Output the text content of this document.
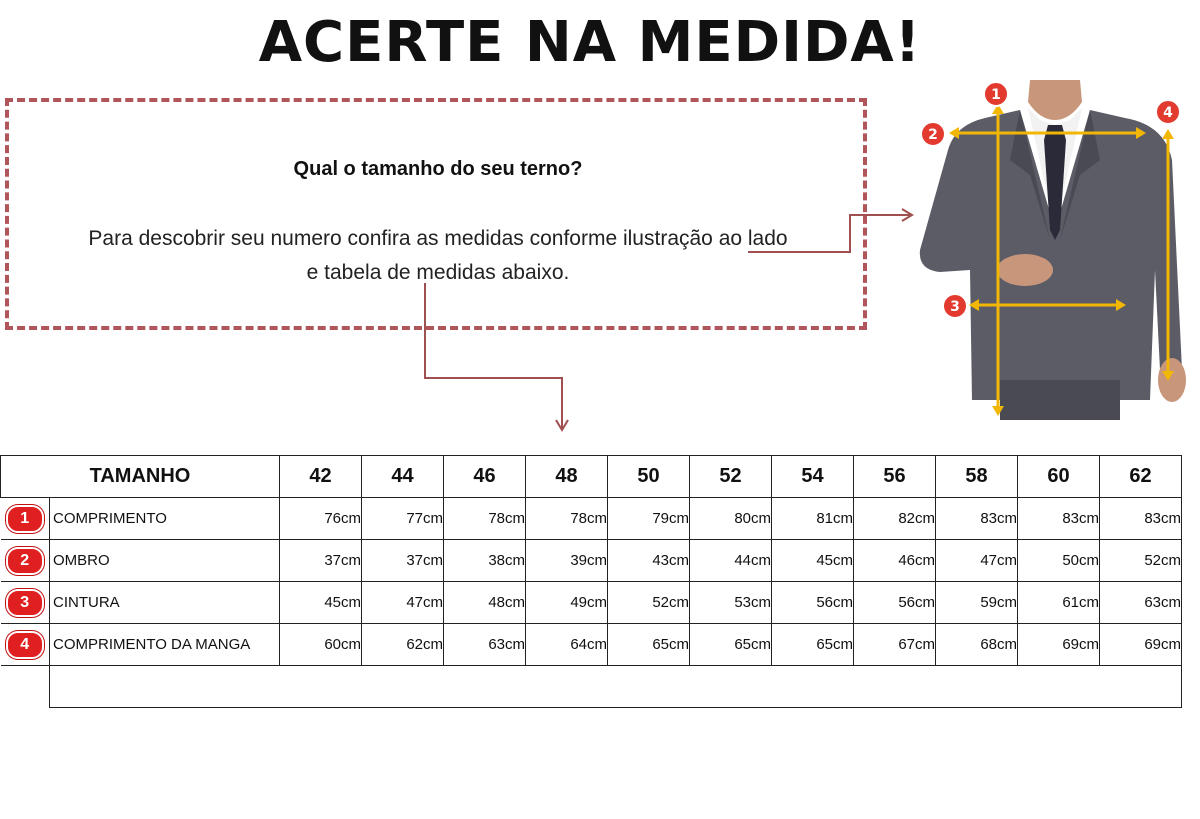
ACERTE NA MEDIDA!
Qual o tamanho do seu terno?
Para descobrir seu numero confira as medidas conforme ilustração ao lado
e tabela de medidas abaixo.
1
2
3
4
TAMANHO		42	44	46	48	50	52	54	56	58	60	62
1	COMPRIMENTO	76cm	77cm	78cm	78cm	79cm	80cm	81cm	82cm	83cm	83cm	83cm
2	OMBRO	37cm	37cm	38cm	39cm	43cm	44cm	45cm	46cm	47cm	50cm	52cm
3	CINTURA	45cm	47cm	48cm	49cm	52cm	53cm	56cm	56cm	59cm	61cm	63cm
4	COMPRIMENTO DA MANGA	60cm	62cm	63cm	64cm	65cm	65cm	65cm	67cm	68cm	69cm	69cm
